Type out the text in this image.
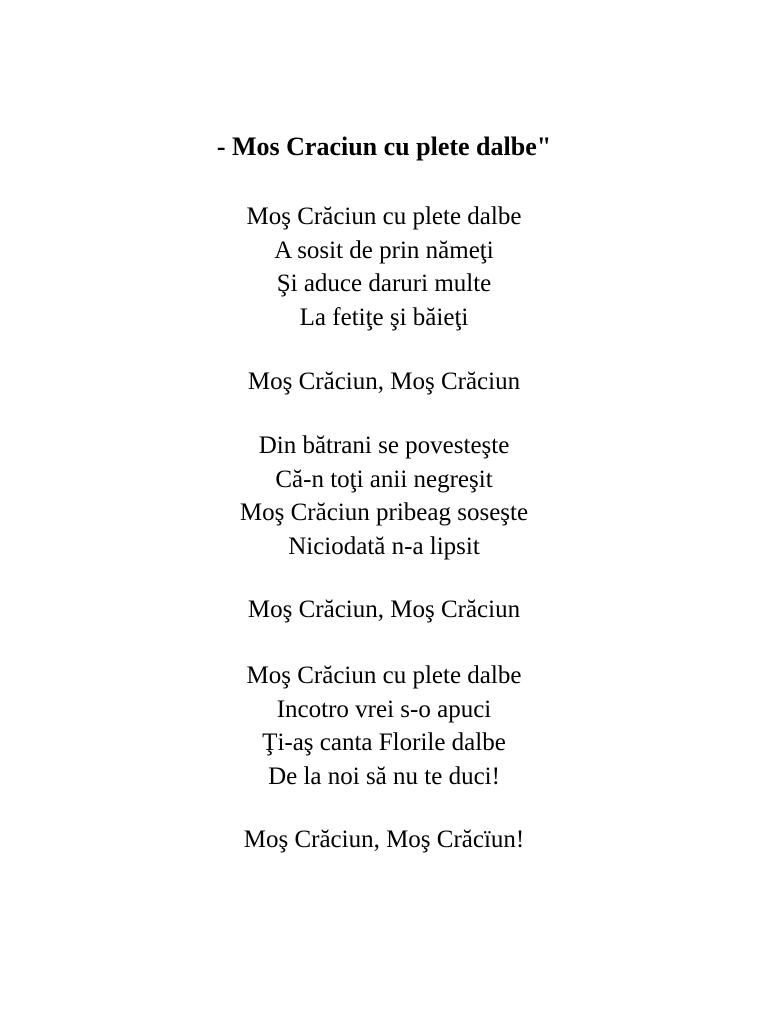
- Mos Craciun cu plete dalbe"
Moş Crăciun cu plete dalbe
A sosit de prin nămeţi
Şi aduce daruri multe
La fetiţe şi băieţi
Moş Crăciun, Moş Crăciun
Din bătrani se povesteşte
Că-n toţi anii negreşit
Moş Crăciun pribeag soseşte
Niciodată n-a lipsit
Moş Crăciun, Moş Crăciun
Moş Crăciun cu plete dalbe
Incotro vrei s-o apuci
Ţi-aş canta Florile dalbe
De la noi să nu te duci!
Moş Crăciun, Moş Crăcïun!
